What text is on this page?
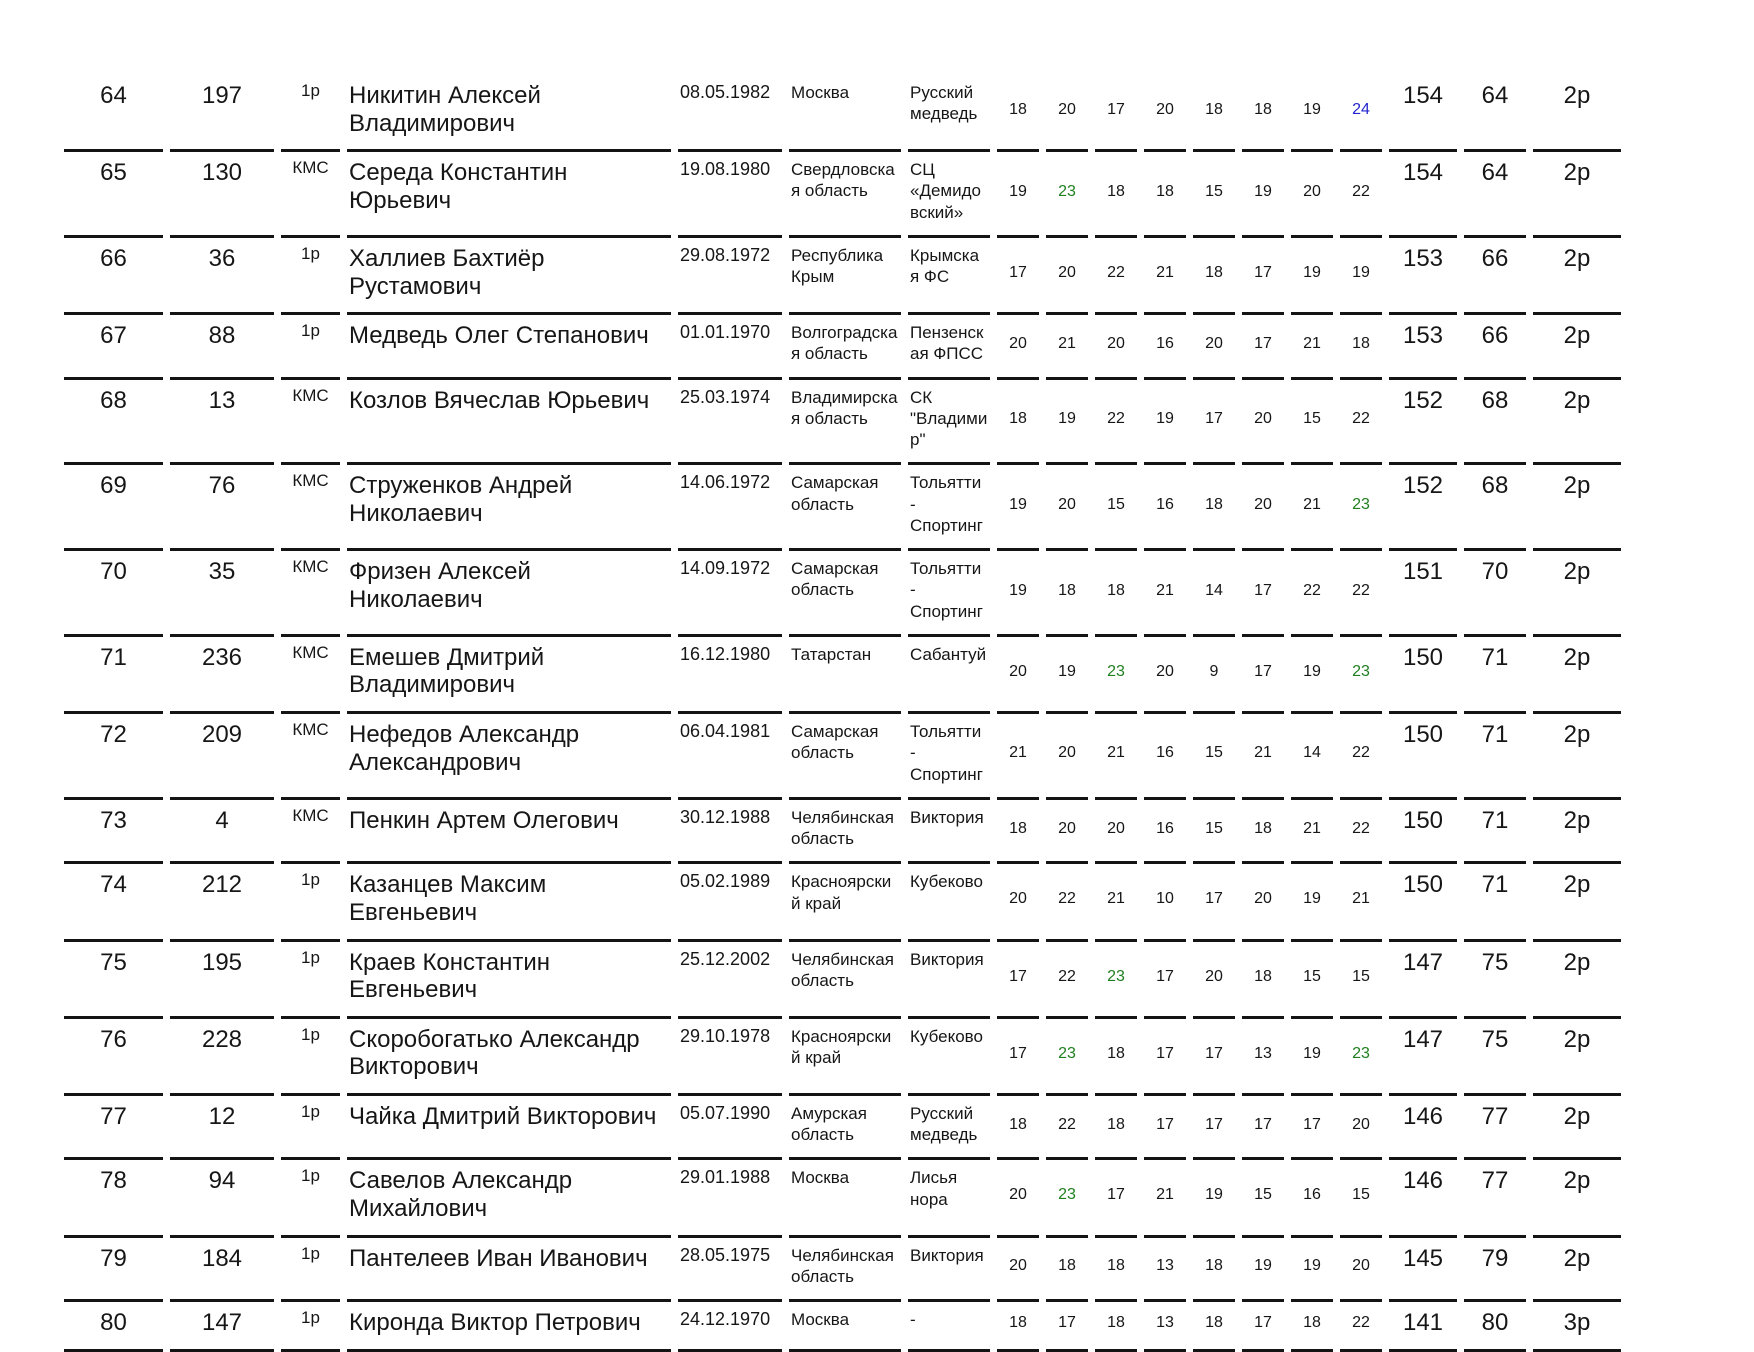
64	197	1р	Никитин Алексей Владимирович	08.05.1982	Москва	Русский медведь	18	20	17	20	18	18	19	24	154	64	2р
65	130	КМС	Середа Константин Юрьевич	19.08.1980	Свердловская область	СЦ «Демидовский»	19	23	18	18	15	19	20	22	154	64	2р
66	36	1р	Халлиев Бахтиёр Рустамович	29.08.1972	Республика Крым	Крымская ФС	17	20	22	21	18	17	19	19	153	66	2р
67	88	1р	Медведь Олег Степанович	01.01.1970	Волгоградская область	Пензенская ФПСС	20	21	20	16	20	17	21	18	153	66	2р
68	13	КМС	Козлов Вячеслав Юрьевич	25.03.1974	Владимирская область	СК "Владимир"	18	19	22	19	17	20	15	22	152	68	2р
69	76	КМС	Струженков Андрей Николаевич	14.06.1972	Самарская область	Тольятти - Спортинг	19	20	15	16	18	20	21	23	152	68	2р
70	35	КМС	Фризен Алексей Николаевич	14.09.1972	Самарская область	Тольятти - Спортинг	19	18	18	21	14	17	22	22	151	70	2р
71	236	КМС	Емешев Дмитрий Владимирович	16.12.1980	Татарстан	Сабантуй	20	19	23	20	9	17	19	23	150	71	2р
72	209	КМС	Нефедов Александр Александрович	06.04.1981	Самарская область	Тольятти - Спортинг	21	20	21	16	15	21	14	22	150	71	2р
73	4	КМС	Пенкин Артем Олегович	30.12.1988	Челябинская область	Виктория	18	20	20	16	15	18	21	22	150	71	2р
74	212	1р	Казанцев Максим Евгеньевич	05.02.1989	Красноярский край	Кубеково	20	22	21	10	17	20	19	21	150	71	2р
75	195	1р	Краев Константин Евгеньевич	25.12.2002	Челябинская область	Виктория	17	22	23	17	20	18	15	15	147	75	2р
76	228	1р	Скоробогатько Александр Викторович	29.10.1978	Красноярский край	Кубеково	17	23	18	17	17	13	19	23	147	75	2р
77	12	1р	Чайка Дмитрий Викторович	05.07.1990	Амурская область	Русский медведь	18	22	18	17	17	17	17	20	146	77	2р
78	94	1р	Савелов Александр Михайлович	29.01.1988	Москва	Лисья нора	20	23	17	21	19	15	16	15	146	77	2р
79	184	1р	Пантелеев Иван Иванович	28.05.1975	Челябинская область	Виктория	20	18	18	13	18	19	19	20	145	79	2р
80	147	1р	Киронда Виктор Петрович	24.12.1970	Москва	-	18	17	18	13	18	17	18	22	141	80	3р
